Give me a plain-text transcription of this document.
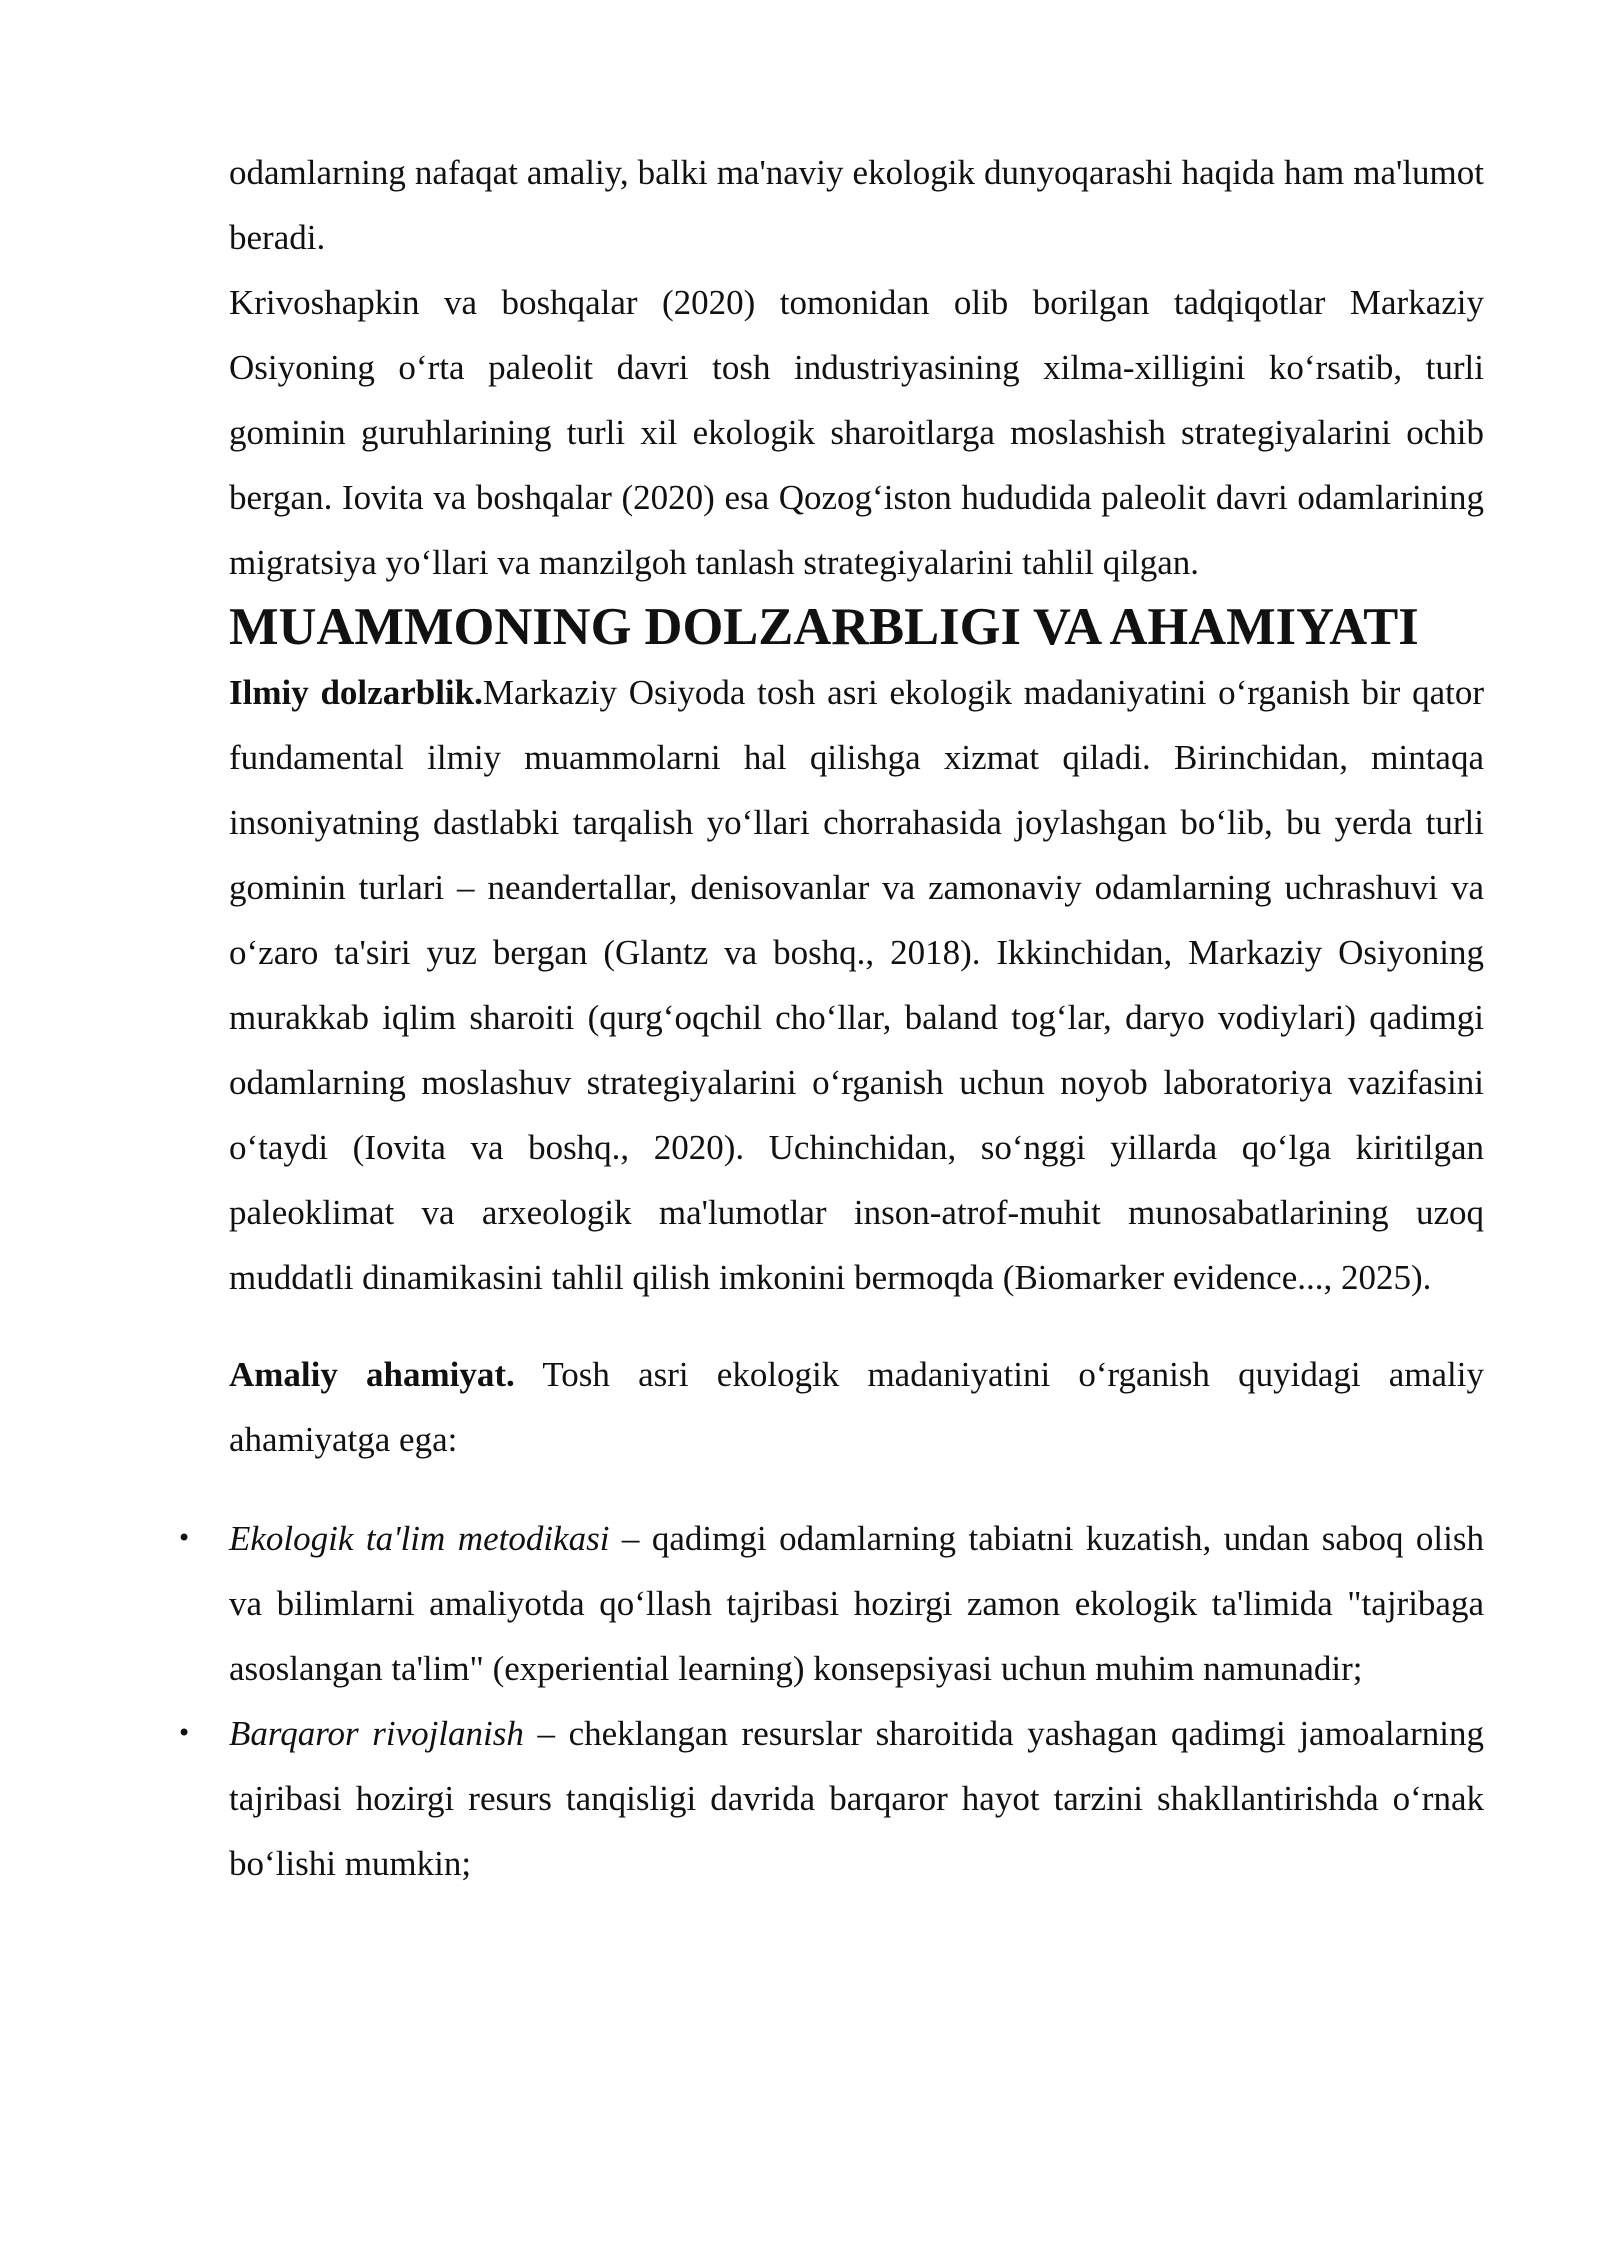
odamlarning nafaqat amaliy, balki ma'naviy ekologik dunyoqarashi haqida ham ma'lumot beradi.

Krivoshapkin va boshqalar (2020) tomonidan olib borilgan tadqiqotlar Markaziy Osiyoning o‘rta paleolit davri tosh industriyasining xilma-xilligini ko‘rsatib, turli gominin guruhlarining turli xil ekologik sharoitlarga moslashish strategiyalarini ochib bergan. Iovita va boshqalar (2020) esa Qozog‘iston hududida paleolit davri odamlarining migratsiya yo‘llari va manzilgoh tanlash strategiyalarini tahlil qilgan.

MUAMMONING DOLZARBLIGI VA AHAMIYATI

Ilmiy dolzarblik.Markaziy Osiyoda tosh asri ekologik madaniyatini o‘rganish bir qator fundamental ilmiy muammolarni hal qilishga xizmat qiladi. Birinchidan, mintaqa insoniyatning dastlabki tarqalish yo‘llari chorrahasida joylashgan bo‘lib, bu yerda turli gominin turlari – neandertallar, denisovanlar va zamonaviy odamlarning uchrashuvi va o‘zaro ta'siri yuz bergan (Glantz va boshq., 2018). Ikkinchidan, Markaziy Osiyoning murakkab iqlim sharoiti (qurg‘oqchil cho‘llar, baland tog‘lar, daryo vodiylari) qadimgi odamlarning moslashuv strategiyalarini o‘rganish uchun noyob laboratoriya vazifasini o‘taydi (Iovita va boshq., 2020). Uchinchidan, so‘nggi yillarda qo‘lga kiritilgan paleoklimat va arxeologik ma'lumotlar inson-atrof-muhit munosabatlarining uzoq muddatli dinamikasini tahlil qilish imkonini bermoqda (Biomarker evidence..., 2025).

Amaliy ahamiyat. Tosh asri ekologik madaniyatini o‘rganish quyidagi amaliy ahamiyatga ega:

• Ekologik ta'lim metodikasi – qadimgi odamlarning tabiatni kuzatish, undan saboq olish va bilimlarni amaliyotda qo‘llash tajribasi hozirgi zamon ekologik ta'limida "tajribaga asoslangan ta'lim" (experiential learning) konsepsiyasi uchun muhim namunadir;
• Barqaror rivojlanish – cheklangan resurslar sharoitida yashagan qadimgi jamoalarning tajribasi hozirgi resurs tanqisligi davrida barqaror hayot tarzini shakllantirishda o‘rnak bo‘lishi mumkin;
